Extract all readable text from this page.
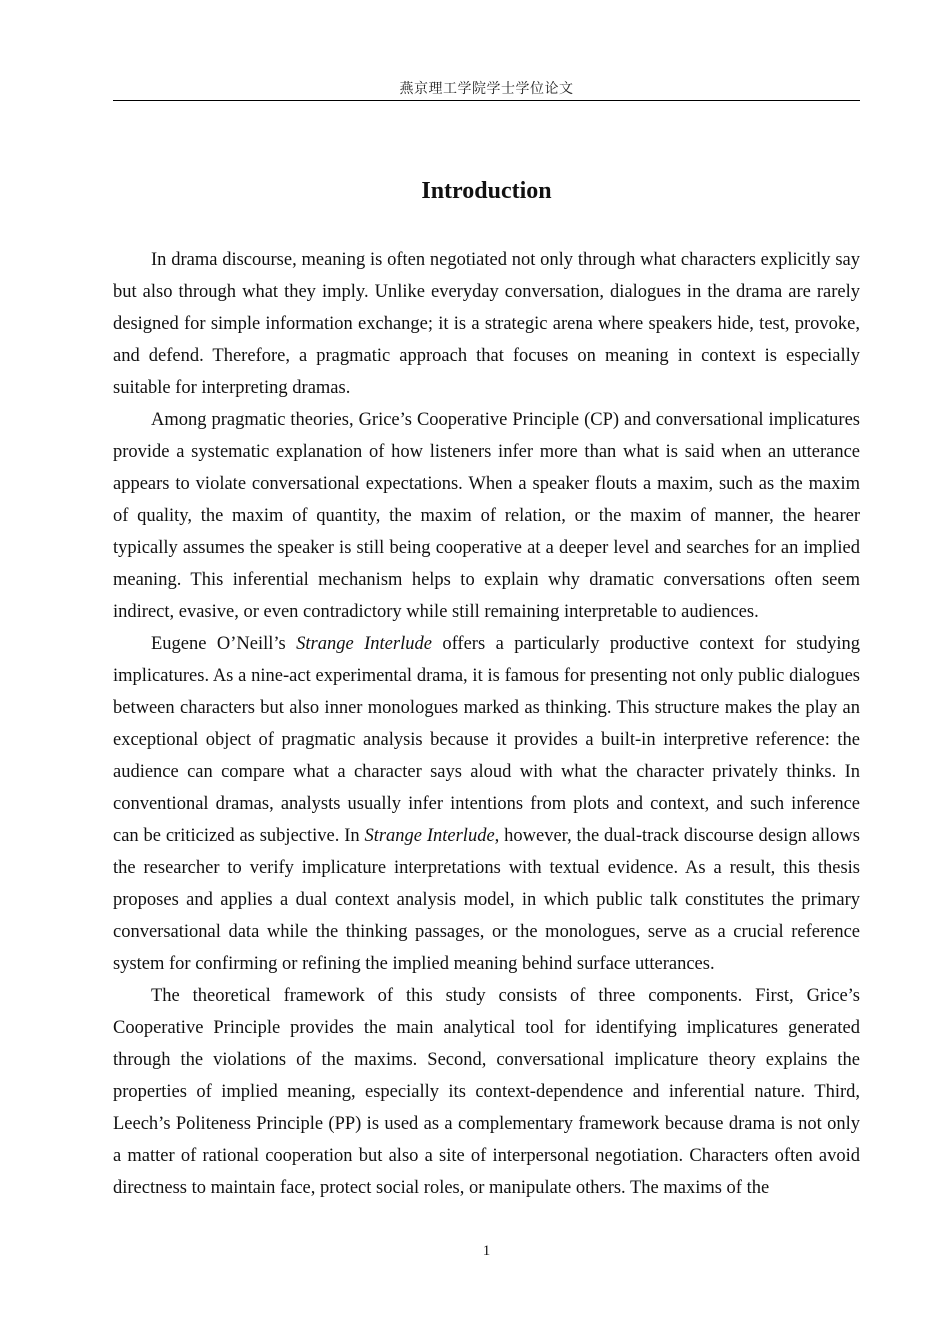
燕京理工学院学士学位论文
Introduction

In drama discourse, meaning is often negotiated not only through what characters explicitly say but also through what they imply. Unlike everyday conversation, dialogues in the drama are rarely designed for simple information exchange; it is a strategic arena where speakers hide, test, provoke, and defend. Therefore, a pragmatic approach that focuses on meaning in context is especially suitable for interpreting dramas.

Among pragmatic theories, Grice’s Cooperative Principle (CP) and conversational implicatures provide a systematic explanation of how listeners infer more than what is said when an utterance appears to violate conversational expectations. When a speaker flouts a maxim, such as the maxim of quality, the maxim of quantity, the maxim of relation, or the maxim of manner, the hearer typically assumes the speaker is still being cooperative at a deeper level and searches for an implied meaning. This inferential mechanism helps to explain why dramatic conversations often seem indirect, evasive, or even contradictory while still remaining interpretable to audiences.

Eugene O’Neill’s Strange Interlude offers a particularly productive context for studying implicatures. As a nine-act experimental drama, it is famous for presenting not only public dialogues between characters but also inner monologues marked as thinking. This structure makes the play an exceptional object of pragmatic analysis because it provides a built-in interpretive reference: the audience can compare what a character says aloud with what the character privately thinks. In conventional dramas, analysts usually infer intentions from plots and context, and such inference can be criticized as subjective. In Strange Interlude, however, the dual-track discourse design allows the researcher to verify implicature interpretations with textual evidence. As a result, this thesis proposes and applies a dual context analysis model, in which public talk constitutes the primary conversational data while the thinking passages, or the monologues, serve as a crucial reference system for confirming or refining the implied meaning behind surface utterances.

The theoretical framework of this study consists of three components. First, Grice’s Cooperative Principle provides the main analytical tool for identifying implicatures generated through the violations of the maxims. Second, conversational implicature theory explains the properties of implied meaning, especially its context-dependence and inferential nature. Third, Leech’s Politeness Principle (PP) is used as a complementary framework because drama is not only a matter of rational cooperation but also a site of interpersonal negotiation. Characters often avoid directness to maintain face, protect social roles, or manipulate others. The maxims of the

1
